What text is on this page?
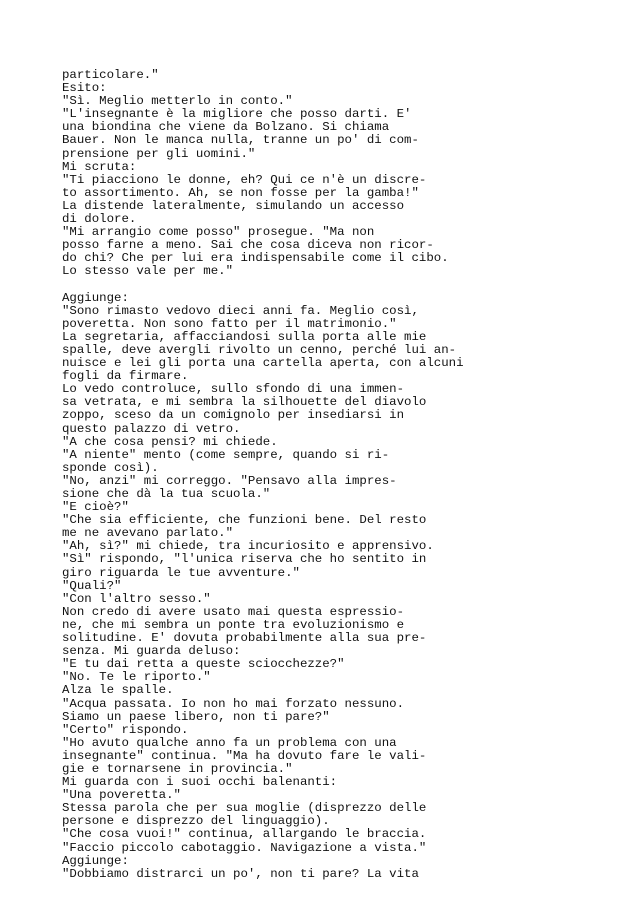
particolare."
Esito:
"Sì. Meglio metterlo in conto."
"L'insegnante è la migliore che posso darti. E'
una biondina che viene da Bolzano. Si chiama
Bauer. Non le manca nulla, tranne un po' di com-
prensione per gli uomini."
Mi scruta:
"Ti piacciono le donne, eh? Qui ce n'è un discre-
to assortimento. Ah, se non fosse per la gamba!"
La distende lateralmente, simulando un accesso
di dolore.
"Mi arrangio come posso" prosegue. "Ma non
posso farne a meno. Sai che cosa diceva non ricor-
do chi? Che per lui era indispensabile come il cibo.
Lo stesso vale per me."
Aggiunge:
"Sono rimasto vedovo dieci anni fa. Meglio così,
poveretta. Non sono fatto per il matrimonio."
La segretaria, affacciandosi sulla porta alle mie
spalle, deve avergli rivolto un cenno, perché lui an-
nuisce e lei gli porta una cartella aperta, con alcuni
fogli da firmare.
Lo vedo controluce, sullo sfondo di una immen-
sa vetrata, e mi sembra la silhouette del diavolo
zoppo, sceso da un comignolo per insediarsi in
questo palazzo di vetro.
"A che cosa pensi? mi chiede.
"A niente" mento (come sempre, quando si ri-
sponde così).
"No, anzi" mi correggo. "Pensavo alla impres-
sione che dà la tua scuola."
"E cioè?"
"Che sia efficiente, che funzioni bene. Del resto
me ne avevano parlato."
"Ah, sì?" mi chiede, tra incuriosito e apprensivo.
"Sì" rispondo, "l'unica riserva che ho sentito in
giro riguarda le tue avventure."
"Quali?"
"Con l'altro sesso."
Non credo di avere usato mai questa espressio-
ne, che mi sembra un ponte tra evoluzionismo e
solitudine. E' dovuta probabilmente alla sua pre-
senza. Mi guarda deluso:
"E tu dai retta a queste sciocchezze?"
"No. Te le riporto."
Alza le spalle.
"Acqua passata. Io non ho mai forzato nessuno.
Siamo un paese libero, non ti pare?"
"Certo" rispondo.
"Ho avuto qualche anno fa un problema con una
insegnante" continua. "Ma ha dovuto fare le vali-
gie e tornarsene in provincia."
Mi guarda con i suoi occhi balenanti:
"Una poveretta."
Stessa parola che per sua moglie (disprezzo delle
persone e disprezzo del linguaggio).
"Che cosa vuoi!" continua, allargando le braccia.
"Faccio piccolo cabotaggio. Navigazione a vista."
Aggiunge:
"Dobbiamo distrarci un po', non ti pare? La vita
